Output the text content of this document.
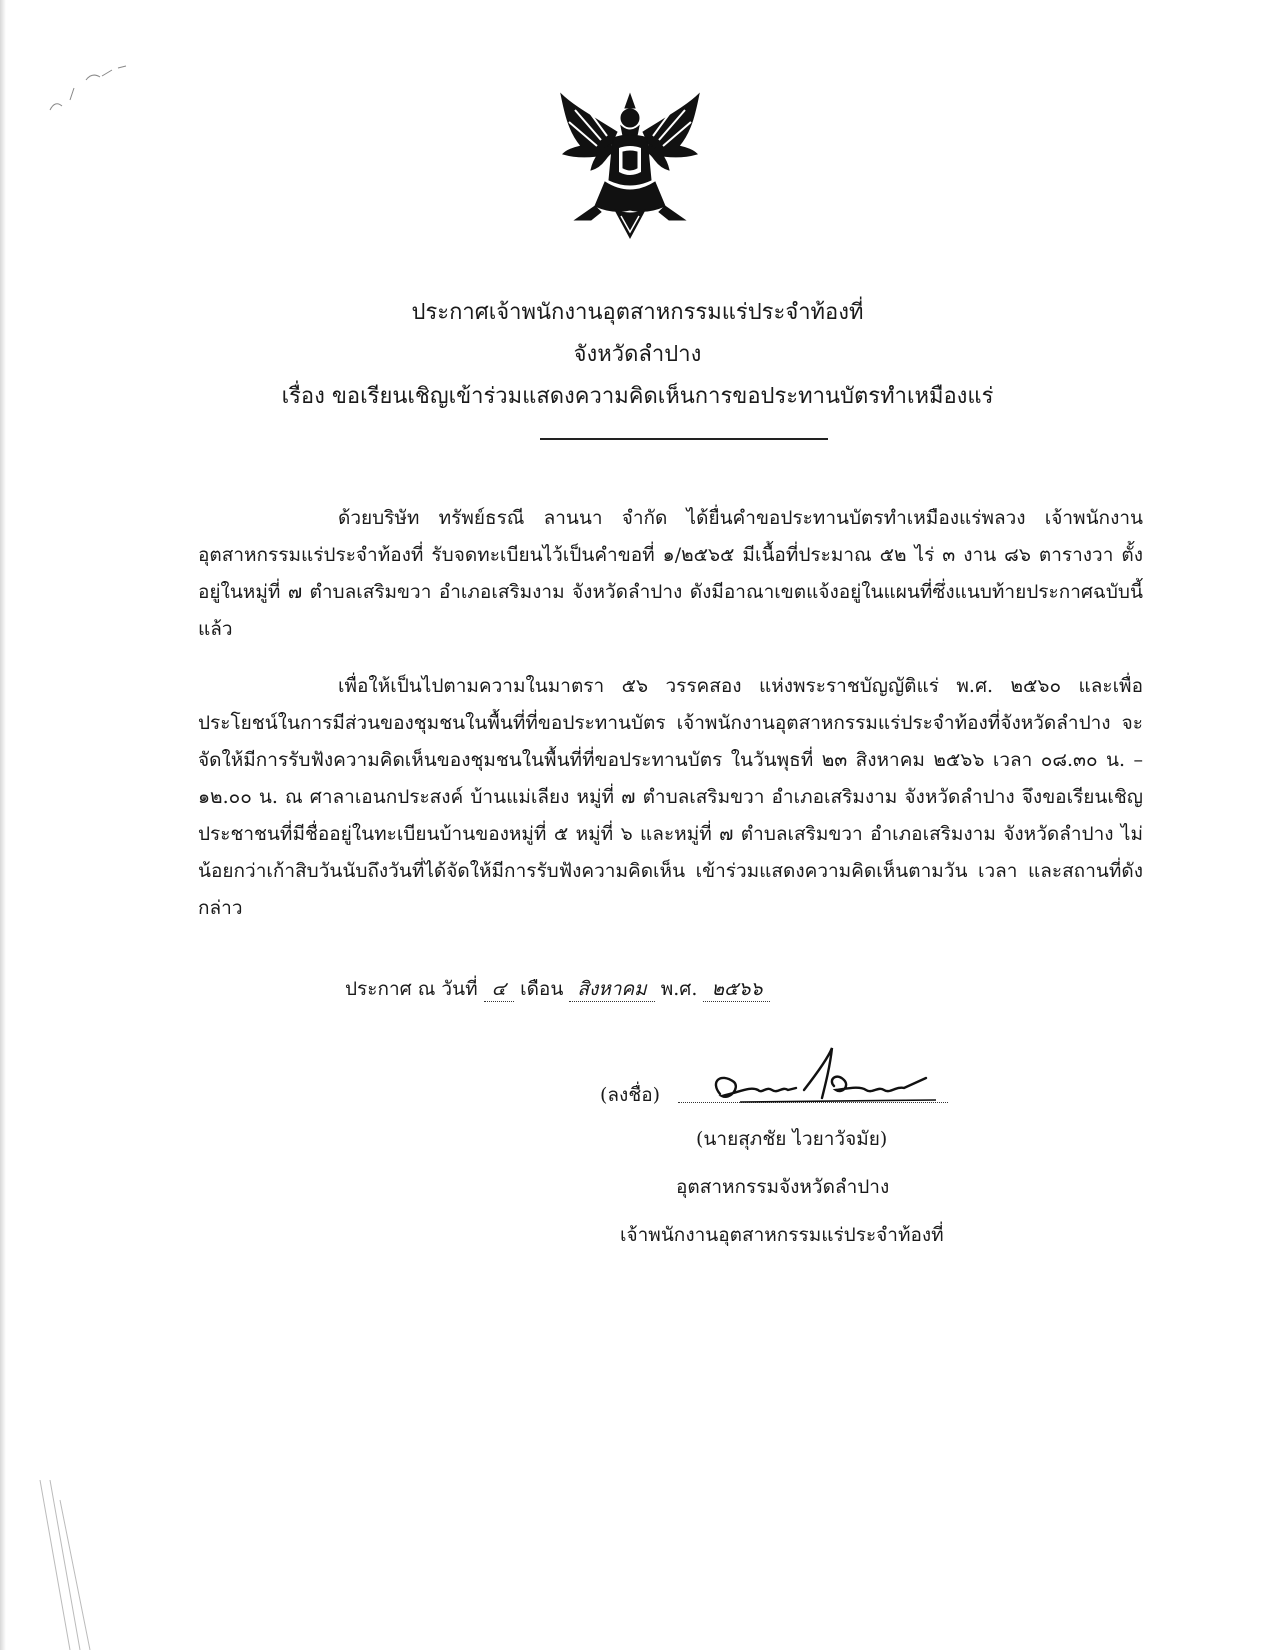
ประกาศเจ้าพนักงานอุตสาหกรรมแร่ประจำท้องที่
จังหวัดลำปาง
เรื่อง ขอเรียนเชิญเข้าร่วมแสดงความคิดเห็นการขอประทานบัตรทำเหมืองแร่

ด้วยบริษัท ทรัพย์ธรณี ลานนา จำกัด ได้ยื่นคำขอประทานบัตรทำเหมืองแร่พลวง เจ้าพนักงานอุตสาหกรรมแร่ประจำท้องที่ รับจดทะเบียนไว้เป็นคำขอที่ ๑/๒๕๖๕ มีเนื้อที่ประมาณ ๕๒ ไร่ ๓ งาน ๘๖ ตารางวา ตั้งอยู่ในหมู่ที่ ๗ ตำบลเสริมขวา อำเภอเสริมงาม จังหวัดลำปาง ดังมีอาณาเขตแจ้งอยู่ในแผนที่ซึ่งแนบท้ายประกาศฉบับนี้แล้ว

เพื่อให้เป็นไปตามความในมาตรา ๕๖ วรรคสอง แห่งพระราชบัญญัติแร่ พ.ศ. ๒๕๖๐ และเพื่อประโยชน์ในการมีส่วนของชุมชนในพื้นที่ที่ขอประทานบัตร เจ้าพนักงานอุตสาหกรรมแร่ประจำท้องที่จังหวัดลำปาง จะจัดให้มีการรับฟังความคิดเห็นของชุมชนในพื้นที่ที่ขอประทานบัตร ในวันพุธที่ ๒๓ สิงหาคม ๒๕๖๖ เวลา ๐๘.๓๐ น. – ๑๒.๐๐ น. ณ ศาลาเอนกประสงค์ บ้านแม่เลียง หมู่ที่ ๗ ตำบลเสริมขวา อำเภอเสริมงาม จังหวัดลำปาง จึงขอเรียนเชิญประชาชนที่มีชื่ออยู่ในทะเบียนบ้านของหมู่ที่ ๕ หมู่ที่ ๖ และหมู่ที่ ๗ ตำบลเสริมขวา อำเภอเสริมงาม จังหวัดลำปาง ไม่น้อยกว่าเก้าสิบวันนับถึงวันที่ได้จัดให้มีการรับฟังความคิดเห็น เข้าร่วมแสดงความคิดเห็นตามวัน เวลา และสถานที่ดังกล่าว

ประกาศ ณ วันที่ ๔ เดือน สิงหาคม พ.ศ. ๒๕๖๖
(ลงชื่อ)
(นายสุภชัย ไวยาวัจมัย)
อุตสาหกรรมจังหวัดลำปาง
เจ้าพนักงานอุตสาหกรรมแร่ประจำท้องที่
